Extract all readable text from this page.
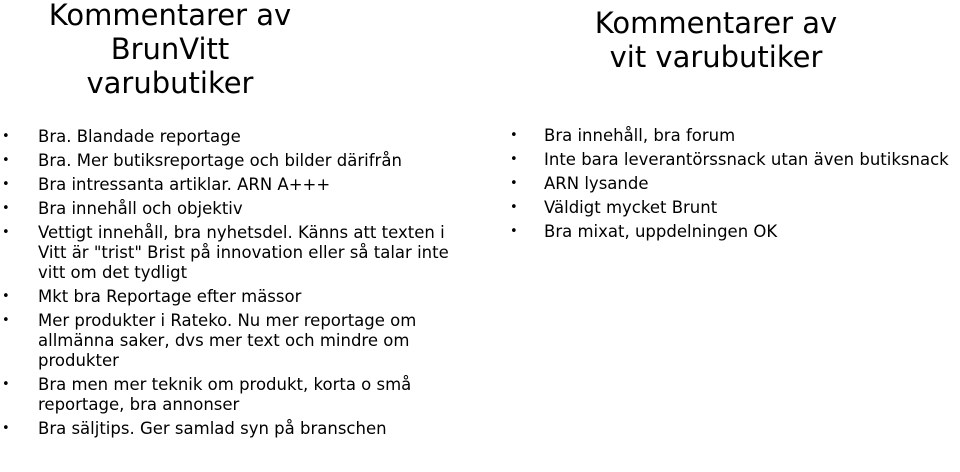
Kommentarer av
BrunVitt
varubutiker
• Bra. Blandade reportage
• Bra. Mer butiksreportage och bilder därifrån
• Bra intressanta artiklar. ARN A+++
• Bra innehåll och objektiv
• Vettigt innehåll, bra nyhetsdel. Känns att texten i Vitt är "trist" Brist på innovation eller så talar inte vitt om det tydligt
• Mkt bra Reportage efter mässor
• Mer produkter i Rateko. Nu mer reportage om allmänna saker, dvs mer text och mindre om produkter
• Bra men mer teknik om produkt, korta o små reportage, bra annonser
• Bra säljtips. Ger samlad syn på branschen
Kommentarer av
vit varubutiker
• Bra innehåll, bra forum
• Inte bara leverantörssnack utan även butiksnack
• ARN lysande
• Väldigt mycket Brunt
• Bra mixat, uppdelningen OK
